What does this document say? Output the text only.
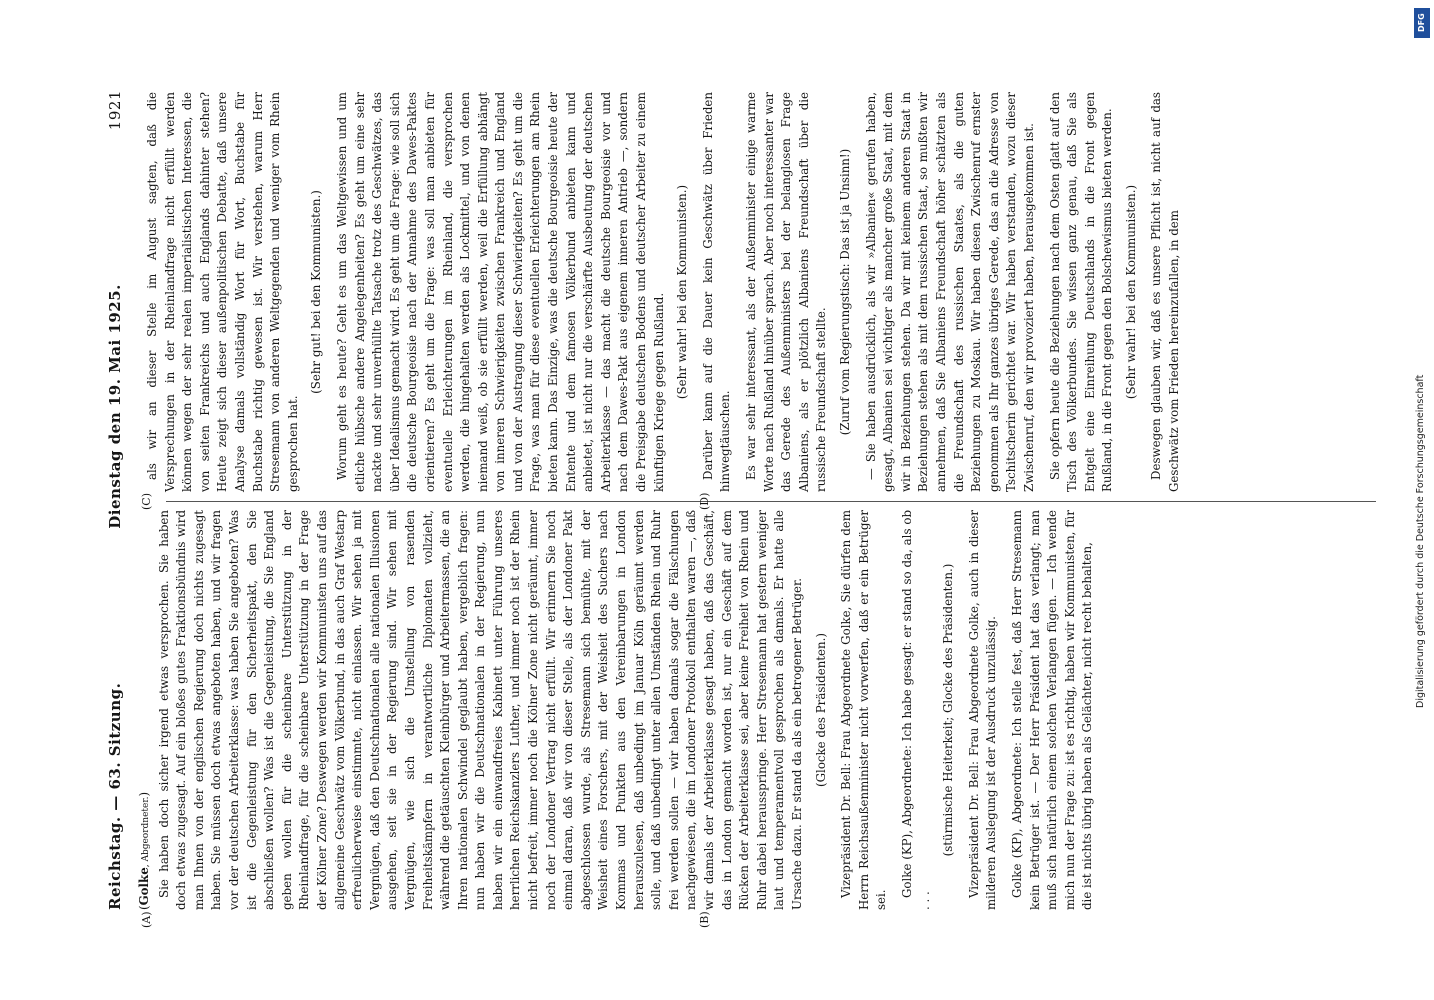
Reichstag. — 63. Sitzung.
Dienstag den 19. Mai 1925.
1921
(A)	(B)

(Golke, Abgeordneter.) Sie haben doch sicher irgend etwas versprochen. Sie haben doch etwas zugesagt. Auf ein bloßes gutes Fraktionsbündnis wird man Ihnen von der englischen Regierung doch nichts zugesagt haben. Sie müssen doch etwas angeboten haben, und wir fragen vor der deutschen Arbeiterklasse: was haben Sie angeboten? Was ist die Gegenleistung für den Sicherheitspakt, den Sie abschließen wollen? Was ist die Gegenleistung, die Sie England geben wollen für die scheinbare Unterstützung in der Rheinlandfrage, für die scheinbare Unterstützung in der Frage der Kölner Zone? Deswegen werden wir Kommunisten uns auf das allgemeine Geschwätz vom Völkerbund, in das auch Graf Westarp erfreulicherweise einstimmte, nicht einlassen. Wir sehen ja mit Vergnügen, daß den Deutschnationalen alle nationalen Illusionen ausgehen, seit sie in der Regierung sind. Wir sehen mit Vergnügen, wie sich die Umstellung von rasenden Freiheitskämpfern in verantwortliche Diplomaten vollzieht, während die getäuschten Kleinbürger und Arbeitermassen, die an Ihren nationalen Schwindel geglaubt haben, vergeblich fragen: nun haben wir die Deutschnationalen in der Regierung, nun haben wir ein einwandfreies Kabinett unter Führung unseres herrlichen Reichskanzlers Luther, und immer noch ist der Rhein nicht befreit, immer noch die Kölner Zone nicht geräumt, immer noch der Londoner Vertrag nicht erfüllt. Wir erinnern Sie noch einmal daran, daß wir von dieser Stelle, als der Londoner Pakt abgeschlossen wurde, als Stresemann sich bemühte, mit der Weisheit eines Forschers, mit der Weisheit des Suchers nach Kommas und Punkten aus den Vereinbarungen in London herauszulesen, daß unbedingt im Januar Köln geräumt werden solle, und daß unbedingt unter allen Umständen Rhein und Ruhr frei werden sollen — wir haben damals sogar die Fälschungen nachgewiesen, die im Londoner Protokoll enthalten waren —, daß wir damals der Arbeiterklasse gesagt haben, daß das Geschäft, das in London gemacht worden ist, nur ein Geschäft auf dem Rücken der Arbeiterklasse sei, aber keine Freiheit von Rhein und Ruhr dabei herausspringe. Herr Stresemann hat gestern weniger laut und temperamentvoll gesprochen als damals. Er hatte alle Ursache dazu. Er stand da als ein betrogener Betrüger. (Glocke des Präsidenten.) Vizepräsident Dr. Bell: Frau Abgeordnete Golke, Sie dürfen dem Herrn Reichsaußenminister nicht vorwerfen, daß er ein Betrüger sei.

Golke (KP), Abgeordnete: Ich habe gesagt: er stand so da, als ob . . .

(stürmische Heiterkeit; Glocke des Präsidenten.) Vizepräsident Dr. Bell: Frau Abgeordnete Golke, auch in dieser milderen Auslegung ist der Ausdruck unzulässig. Golke (KP), Abgeordnete: Ich stelle fest, daß Herr Stresemann kein Betrüger ist. — Der Herr Präsident hat das verlangt; man muß sich natürlich einem solchen Verlangen fügen. — Ich wende mich nun der Frage zu: ist es richtig, haben wir Kommunisten, für die ist nichts übrig haben als Gelächter, nicht recht behalten,

(C)	(D)

als wir an dieser Stelle im August sagten, daß die Versprechungen in der Rheinlandfrage nicht erfüllt werden können wegen der sehr realen imperialistischen Interessen, die von seiten Frankreichs und auch Englands dahinter stehen? Heute zeigt sich dieser außenpolitischen Debatte, daß unsere Analyse damals vollständig Wort für Wort, Buchstabe für Buchstabe richtig gewesen ist. Wir verstehen, warum Herr Stresemann von anderen Weltgegenden und weniger vom Rhein gesprochen hat.

(Sehr gut! bei den Kommunisten.) Worum geht es heute? Geht es um das Weltgewissen und um etliche hübsche andere Angelegenheiten? Es geht um eine sehr nackte und sehr unverhüllte Tatsache trotz des Geschwätzes, das über Idealismus gemacht wird. Es geht um die Frage: wie soll sich die deutsche Bourgeoisie nach der Annahme des Dawes-Paktes orientieren? Es geht um die Frage: was soll man anbieten für eventuelle Erleichterungen im Rheinland, die versprochen werden, die hingehalten werden als Lockmittel, und von denen niemand weiß, ob sie erfüllt werden, weil die Erfüllung abhängt von inneren Schwierigkeiten zwischen Frankreich und England und von der Austragung dieser Schwierigkeiten? Es geht um die Frage, was man für diese eventuellen Erleichterungen am Rhein bieten kann. Das Einzige, was die deutsche Bourgeoisie heute der Entente und dem famosen Völkerbund anbieten kann und anbietet, ist nicht nur die verschärfte Ausbeutung der deutschen Arbeiterklasse — das macht die deutsche Bourgeoisie vor und nach dem Dawes-Pakt aus eigenem inneren Antrieb —, sondern die Preisgabe deutschen Bodens und deutscher Arbeiter zu einem künftigen Kriege gegen Rußland. (Sehr wahr! bei den Kommunisten.) Darüber kann auf die Dauer kein Geschwätz über Frieden hinwegtäuschen. Es war sehr interessant, als der Außenminister einige warme Worte nach Rußland hinüber sprach. Aber noch interessanter war das Gerede des Außenministers bei der belanglosen Frage Albaniens, als er plötzlich Albaniens Freundschaft über die russische Freundschaft stellte. (Zuruf vom Regierungstisch: Das ist ja Unsinn!) — Sie haben ausdrücklich, als wir »Albanien« gerufen haben, gesagt, Albanien sei wichtiger als mancher große Staat, mit dem wir in Beziehungen stehen. Da wir mit keinem anderen Staat in Beziehungen stehen als mit dem russischen Staat, so mußten wir annehmen, daß Sie Albaniens Freundschaft höher schätzten als die Freundschaft des russischen Staates, als die guten Beziehungen zu Moskau. Wir haben diesen Zwischenruf ernster genommen als Ihr ganzes übriges Gerede, das an die Adresse von Tschitscherin gerichtet war. Wir haben verstanden, wozu dieser Zwischenruf, den wir provoziert haben, herausgekommen ist. Sie opfern heute die Beziehungen nach dem Osten glatt auf den Tisch des Völkerbundes. Sie wissen ganz genau, daß Sie als Entgelt eine Einreihung Deutschlands in die Front gegen Rußland, in die Front gegen den Bolschewismus bieten werden. (Sehr wahr! bei den Kommunisten.) Deswegen glauben wir, daß es unsere Pflicht ist, nicht auf das Geschwätz vom Frieden hereinzufallen, in dem

DFG
Digitalisierung gefördert durch die Deutsche Forschungsgemeinschaft
